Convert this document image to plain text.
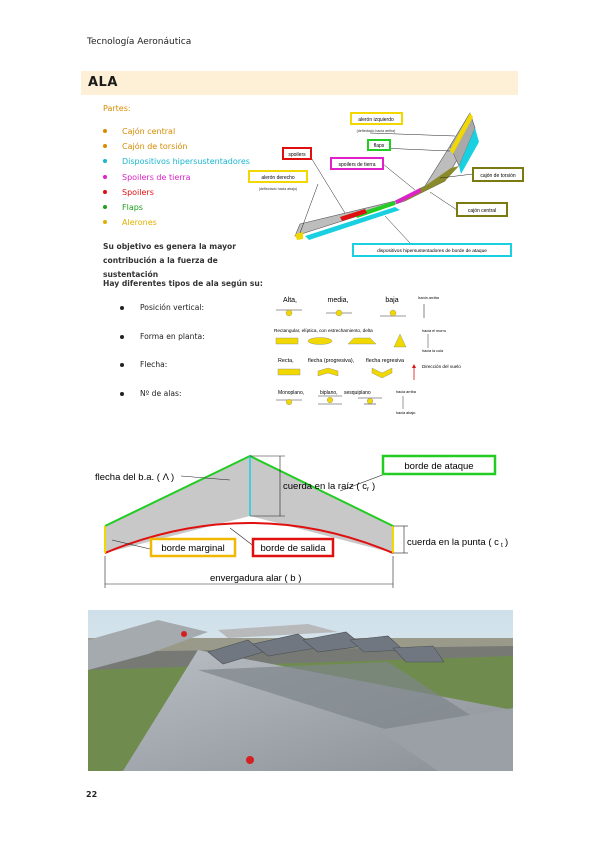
Tecnología Aeronáutica
ALA
Partes:
Cajón central
Cajón de torsión
Dispositivos hipersustentadores
Spoilers de tierra
Spoilers
Flaps
Alerones
Su objetivo es genera la mayor contribución a la fuerza de sustentación
Hay diferentes tipos de ala según su:
Posición vertical:
Forma en planta:
Flecha:
Nº de alas:
alerón izquierdo
(deflectado hacia arriba)
flaps
spoilers
spoilers de tierra
cajón de torsión
alerón derecho
(deflectado hacia abajo)
cajón central
dispositivos hipersustentadores de borde de ataque
Alta,	media,	baja	hacia arriba
Rectangular, elíptica, con estrechamiento, delta	hacia el morro
hacia la cola
Recta,	flecha (progresiva), flecha regresiva
Dirección del vuelo
Monoplano,	biplano, sesquiplano	hacia arriba
hacia abajo
flecha del b.a. ( Λ )
cuerda en la raíz ( c r )
borde de ataque
borde marginal	borde de salida
cuerda en la punta ( c t )
envergadura alar ( b )
22
